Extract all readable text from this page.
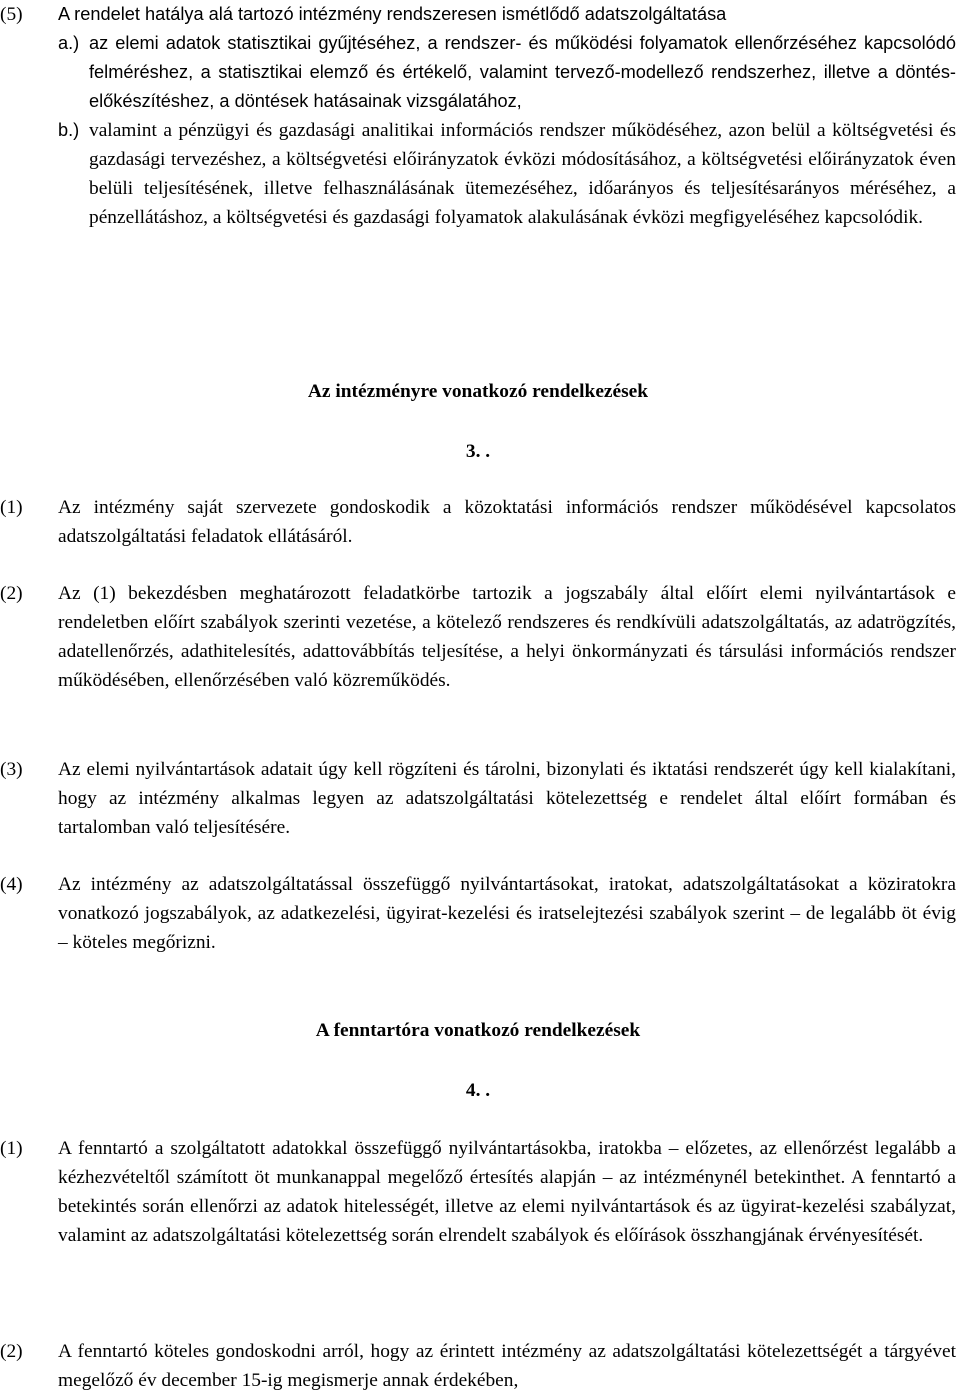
(5)	A rendelet hatálya alá tartozó intézmény rendszeresen ismétlődő adatszolgáltatása
a.) az elemi adatok statisztikai gyűjtéséhez, a rendszer- és működési folyamatok ellenőrzéséhez kapcsolódó felméréshez, a statisztikai elemző és értékelő, valamint tervező-modellező rendszerhez, illetve a döntés-előkészítéshez, a döntések hatásainak vizsgálatához,
b.) valamint a pénzügyi és gazdasági analitikai információs rendszer működéséhez, azon belül a költségvetési és gazdasági tervezéshez, a költségvetési előirányzatok évközi módosításához, a költségvetési előirányzatok éven belüli teljesítésének, illetve felhasználásának ütemezéséhez, időarányos és teljesítésarányos méréséhez, a pénzellátáshoz, a költségvetési és gazdasági folyamatok alakulásának évközi megfigyeléséhez kapcsolódik.
Az intézményre vonatkozó rendelkezések
3. .
(1)	Az intézmény saját szervezete gondoskodik a közoktatási információs rendszer működésével kapcsolatos adatszolgáltatási feladatok ellátásáról.
(2)	Az (1) bekezdésben meghatározott feladatkörbe tartozik a jogszabály által előírt elemi nyilvántartások e rendeletben előírt szabályok szerinti vezetése, a kötelező rendszeres és rendkívüli adatszolgáltatás, az adatrögzítés, adatellenőrzés, adathitelesítés, adattovábbítás teljesítése, a helyi önkormányzati és társulási információs rendszer működésében, ellenőrzésében való közreműködés.
(3)	Az elemi nyilvántartások adatait úgy kell rögzíteni és tárolni, bizonylati és iktatási rendszerét úgy kell kialakítani, hogy az intézmény alkalmas legyen az adatszolgáltatási kötelezettség e rendelet által előírt formában és tartalomban való teljesítésére.
(4)	Az intézmény az adatszolgáltatással összefüggő nyilvántartásokat, iratokat, adatszolgáltatásokat a köziratokra vonatkozó jogszabályok, az adatkezelési, ügyirat-kezelési és iratselejtezési szabályok szerint – de legalább öt évig – köteles megőrizni.
A fenntartóra vonatkozó rendelkezések
4. .
(1)	A fenntartó a szolgáltatott adatokkal összefüggő nyilvántartásokba, iratokba – előzetes, az ellenőrzést legalább a kézhezvételtől számított öt munkanappal megelőző értesítés alapján – az intézménynél betekinthet. A fenntartó a betekintés során ellenőrzi az adatok hitelességét, illetve az elemi nyilvántartások és az ügyirat-kezelési szabályzat, valamint az adatszolgáltatási kötelezettség során elrendelt szabályok és előírások összhangjának érvényesítését.
(2)	A fenntartó köteles gondoskodni arról, hogy az érintett intézmény az adatszolgáltatási kötelezettségét a tárgyévet megelőző év december 15-ig megismerje annak érdekében,
